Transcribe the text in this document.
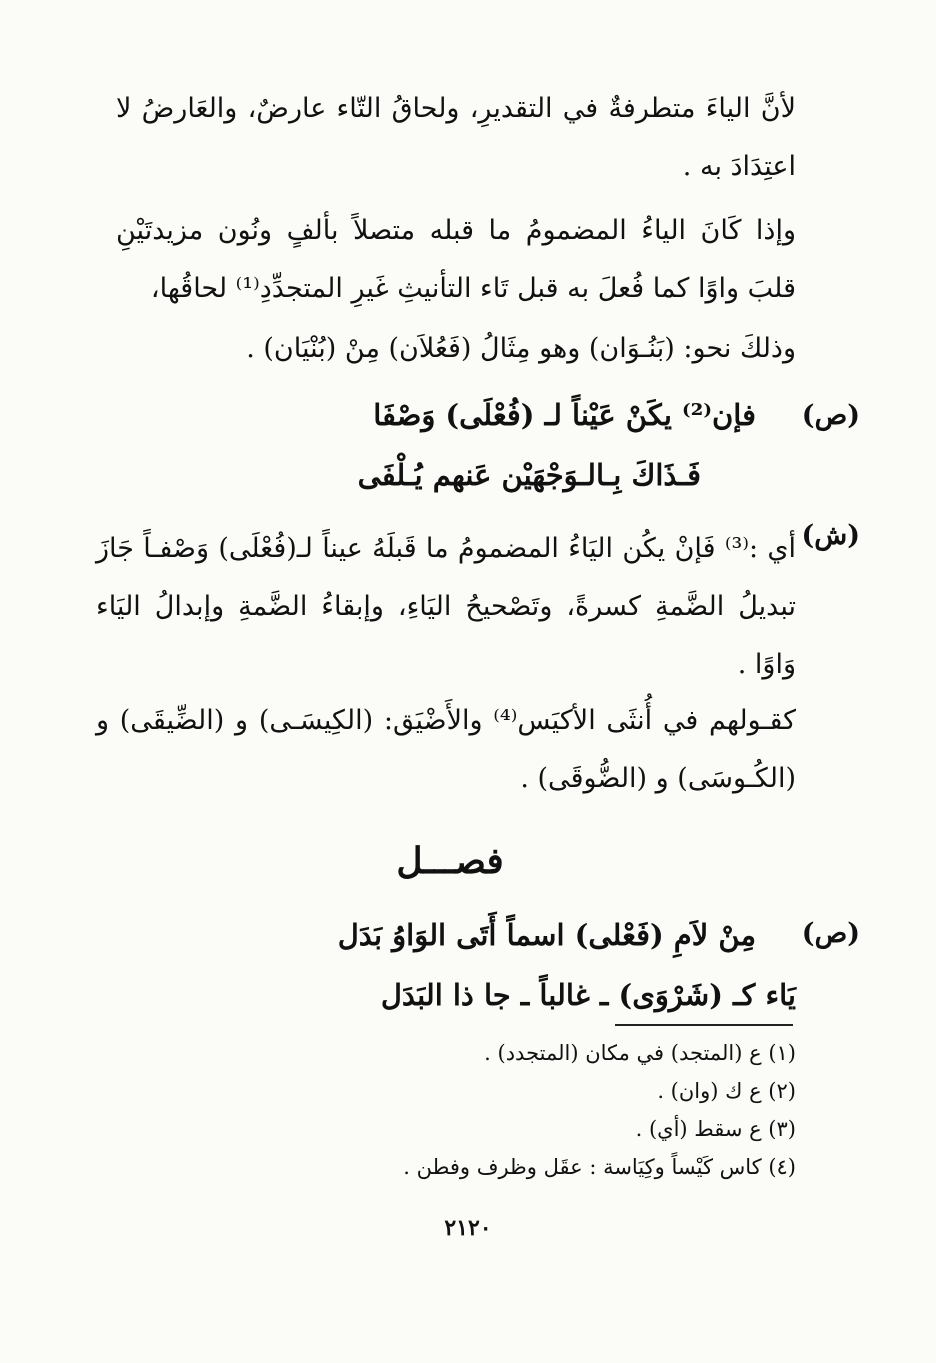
لأنَّ الياءَ متطرفةٌ في التقديرِ، ولحاقُ التّاء عارضٌ، والعَارضُ لا اعتِدَادَ به .
وإذا كَانَ الياءُ المضمومُ ما قبله متصلاً بألفٍ ونُون مزيدتَيْنِ قلبَ واوًا كما فُعلَ به قبل تَاء التأنيثِ غَيرِ المتجدِّدِ⁽¹⁾ لحاقُها،
وذلكَ نحو: (بَنُـوَان) وهو مِثَالُ (فَعُلاَن) مِنْ (بُنْيَان) .
(ص)
فإن⁽²⁾ يكَنْ عَيْناً لـ (فُعْلَى) وَصْفَا
فَـذَاكَ بِـالـوَجْهَيْن عَنهم يُـلْفَى
(ش)
أي :⁽³⁾ فَإنْ يكُن اليَاءُ المضمومُ ما قَبلَهُ عيناً لـ(فُعْلَى) وَصْفـاً جَازَ تبديلُ الضَّمةِ كسرةً، وتَصْحيحُ اليَاءِ، وإبقاءُ الضَّمةِ وإبدالُ اليَاء وَاوًا .
كقـولهم في أُنثَى الأكيَس⁽⁴⁾ والأَضْيَق: (الكِيسَـى) و (الضِّيقَى) و (الكُـوسَى) و (الضُّوقَى) .
فصـــل
(ص)
مِنْ لاَمِ (فَعْلى) اسماً أَتَى الوَاوُ بَدَل
يَاء كـ (شَرْوَى) ـ غالباً ـ جا ذا البَدَل
(١) ع (المتجد) في مكان (المتجدد) .
(٢) ع ك (وان) .
(٣) ع سقط (أي) .
(٤) كاس كَيْساً وكِيَاسة : عقَل وظرف وفطن .
٢١٢٠
